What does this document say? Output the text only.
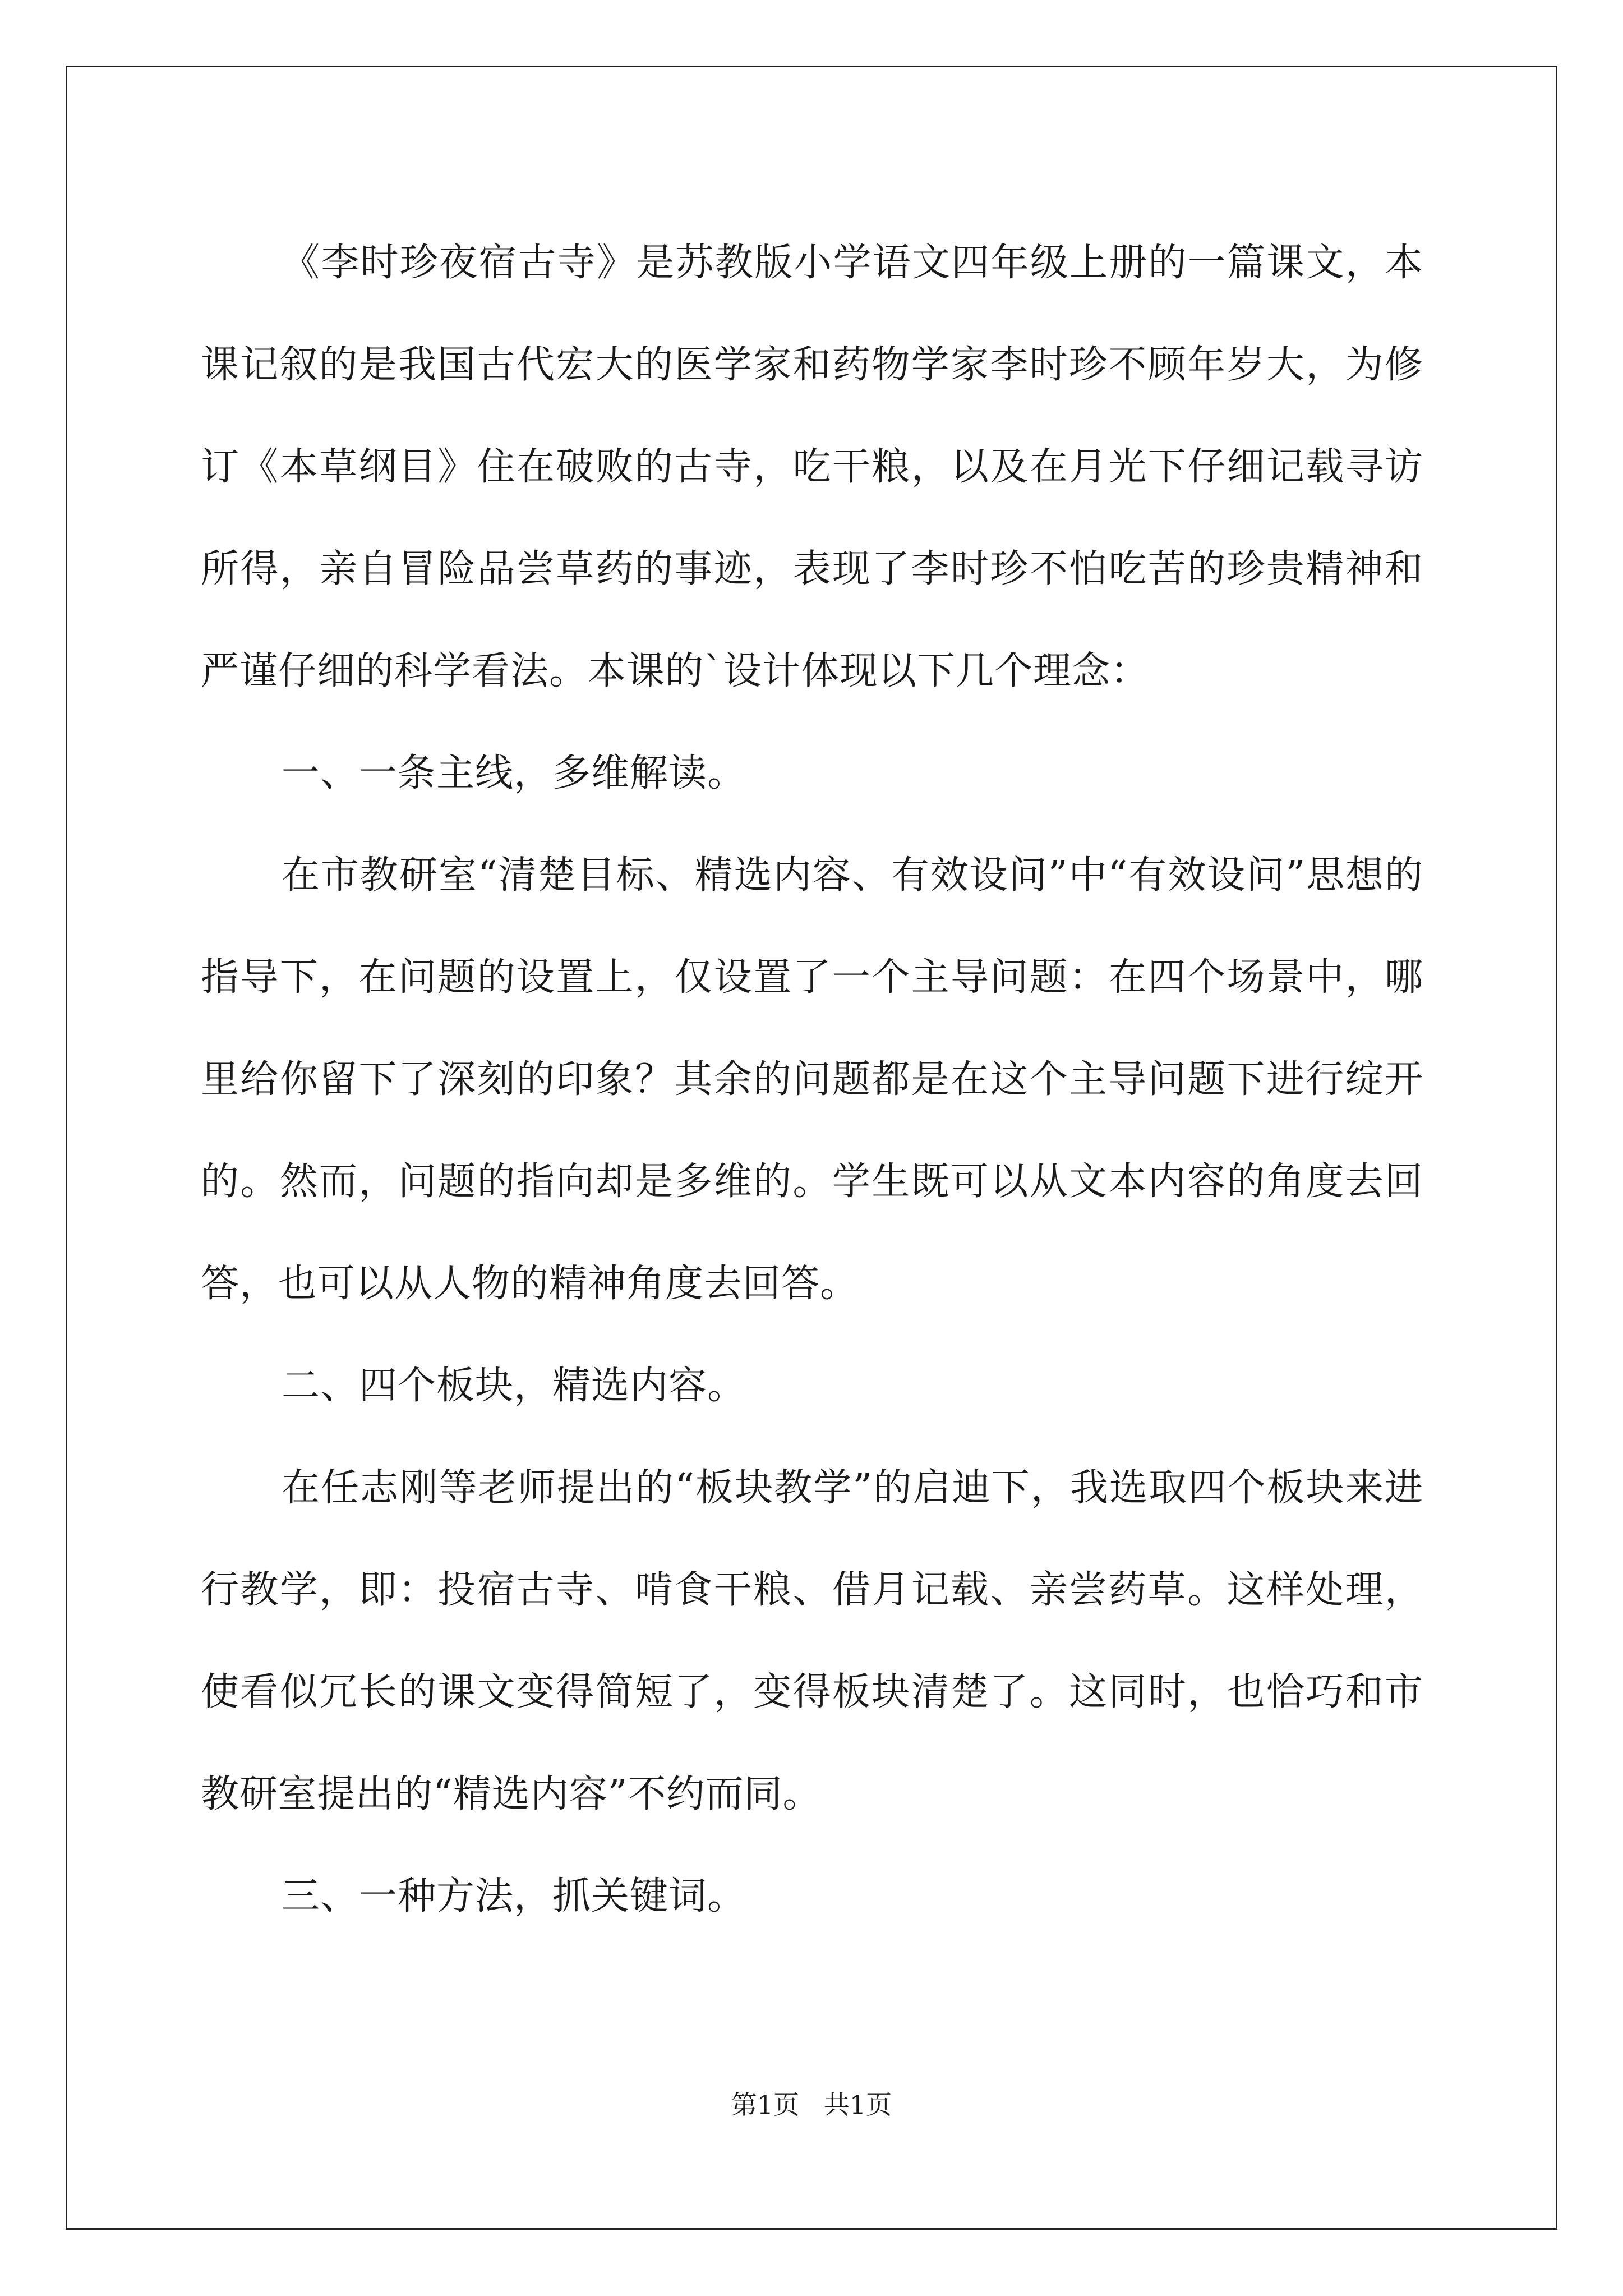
《李时珍夜宿古寺》是苏教版小学语文四年级上册的一篇课文，本课记叙的是我国古代宏大的医学家和药物学家李时珍不顾年岁大，为修订《本草纲目》住在破败的古寺，吃干粮，以及在月光下仔细记载寻访所得，亲自冒险品尝草药的事迹，表现了李时珍不怕吃苦的珍贵精神和严谨仔细的科学看法。本课的`设计体现以下几个理念：

一、一条主线，多维解读。

在市教研室“清楚目标、精选内容、有效设问”中“有效设问”思想的指导下，在问题的设置上，仅设置了一个主导问题：在四个场景中，哪里给你留下了深刻的印象？其余的问题都是在这个主导问题下进行绽开的。然而，问题的指向却是多维的。学生既可以从文本内容的角度去回答，也可以从人物的精神角度去回答。

二、四个板块，精选内容。

在任志刚等老师提出的“板块教学”的启迪下，我选取四个板块来进行教学，即：投宿古寺、啃食干粮、借月记载、亲尝药草。这样处理，使看似冗长的课文变得简短了，变得板块清楚了。这同时，也恰巧和市教研室提出的“精选内容”不约而同。

三、一种方法，抓关键词。

第1页   共1页
